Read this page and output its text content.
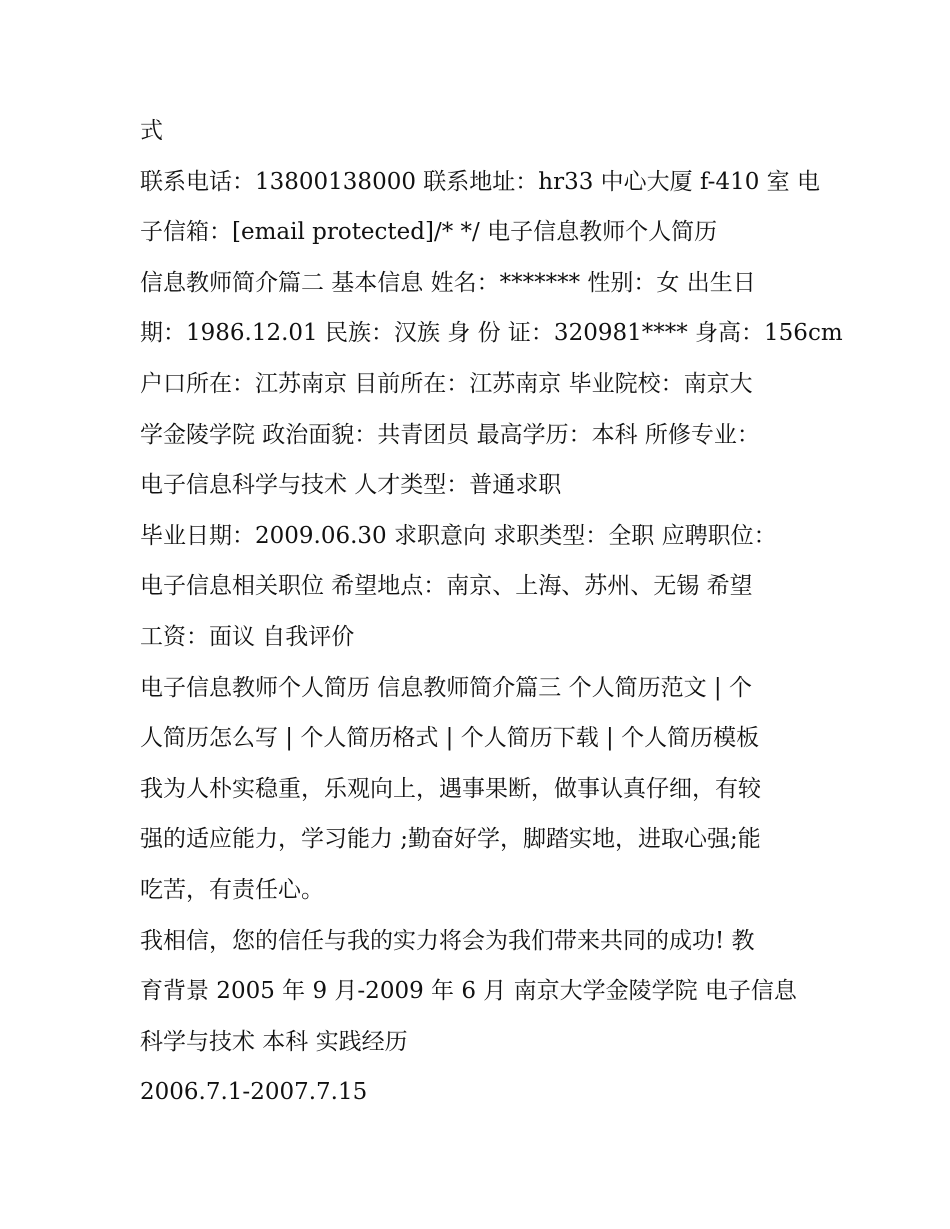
式
联系电话：13800138000 联系地址：hr33 中心大厦 f-410 室 电
子信箱：[email protected]/* */ 电子信息教师个人简历
信息教师简介篇二 基本信息 姓名：******* 性别：女 出生日
期：1986.12.01 民族：汉族 身 份 证：320981**** 身高：156cm
户口所在：江苏南京 目前所在：江苏南京 毕业院校：南京大
学金陵学院 政治面貌：共青团员 最高学历：本科 所修专业：
电子信息科学与技术 人才类型：普通求职
毕业日期：2009.06.30 求职意向 求职类型：全职 应聘职位：
电子信息相关职位 希望地点：南京、上海、苏州、无锡 希望
工资：面议 自我评价
电子信息教师个人简历 信息教师简介篇三 个人简历范文 | 个
人简历怎么写 | 个人简历格式 | 个人简历下载 | 个人简历模板
我为人朴实稳重，乐观向上，遇事果断，做事认真仔细，有较
强的适应能力，学习能力 ;勤奋好学，脚踏实地，进取心强;能
吃苦，有责任心。
我相信，您的信任与我的实力将会为我们带来共同的成功! 教
育背景 2005 年 9 月-2009 年 6 月 南京大学金陵学院 电子信息
科学与技术 本科 实践经历
2006.7.1-2007.7.15
